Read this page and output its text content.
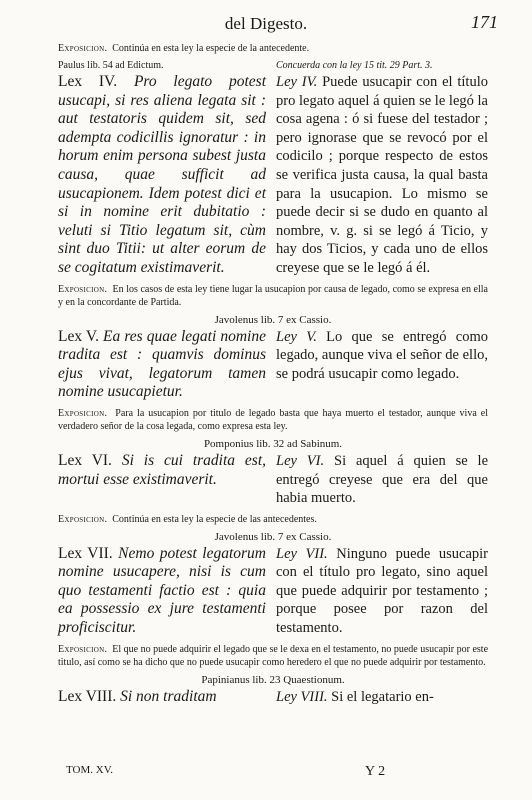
del Digesto.	171

Exposicion. Continúa en esta ley la especie de la antecedente.

Paulus lib. 54 ad Edictum.
Lex IV. Pro legato potest usucapi, si res aliena legata sit : aut testatoris quidem sit, sed adempta codicillis ignoratur : in horum enim persona subest justa causa, quae sufficit ad usucapionem. Idem potest dici et si in nomine erit dubitatio : veluti si Titio legatum sit, cùm sint duo Titii: ut alter eorum de se cogitatum existimaverit.
Concuerda con la ley 15 tit. 29 Part. 3.
Ley IV. Puede usucapir con el título pro legato aquel á quien se le legó la cosa agena : ó si fuese del testador ; pero ignorase que se revocó por el codicilo ; porque respecto de estos se verifica justa causa, la qual basta para la usucapion. Lo mismo se puede decir si se dudo en quanto al nombre, v. g. si se legó á Ticio, y hay dos Ticios, y cada uno de ellos creyese que se le legó á él.

Exposicion. En los casos de esta ley tiene lugar la usucapion por causa de legado, como se expresa en ella y en la concordante de Partida.

Javolenus lib. 7 ex Cassio.
Lex V. Ea res quae legati nomine tradita est : quamvis dominus ejus vivat, legatorum tamen nomine usucapietur.
Ley V. Lo que se entregó como legado, aunque viva el señor de ello, se podrá usucapir como legado.

Exposicion. Para la usucapion por titulo de legado basta que haya muerto el testador, aunque viva el verdadero señor de la cosa legada, como expresa esta ley.

Pomponius lib. 32 ad Sabinum.
Lex VI. Si is cui tradita est, mortui esse existimaverit.
Ley VI. Si aquel á quien se le entregó creyese que era del que habia muerto.

Exposicion. Continúa en esta ley la especie de las antecedentes.

Javolenus lib. 7 ex Cassio.
Lex VII. Nemo potest legatorum nomine usucapere, nisi is cum quo testamenti factio est : quia ea possessio ex jure testamenti proficiscitur.
Ley VII. Ninguno puede usucapir con el título pro legato, sino aquel que puede adquirir por testamento ; porque posee por razon del testamento.

Exposicion. El que no puede adquirir el legado que se le dexa en el testamento, no puede usucapir por este titulo, así como se ha dicho que no puede usucapir como heredero el que no puede adquirir por testamento.

Papinianus lib. 23 Quaestionum.
Lex VIII. Si non traditam	Ley VIII. Si el legatario en-
TOM. XV.	Y 2
